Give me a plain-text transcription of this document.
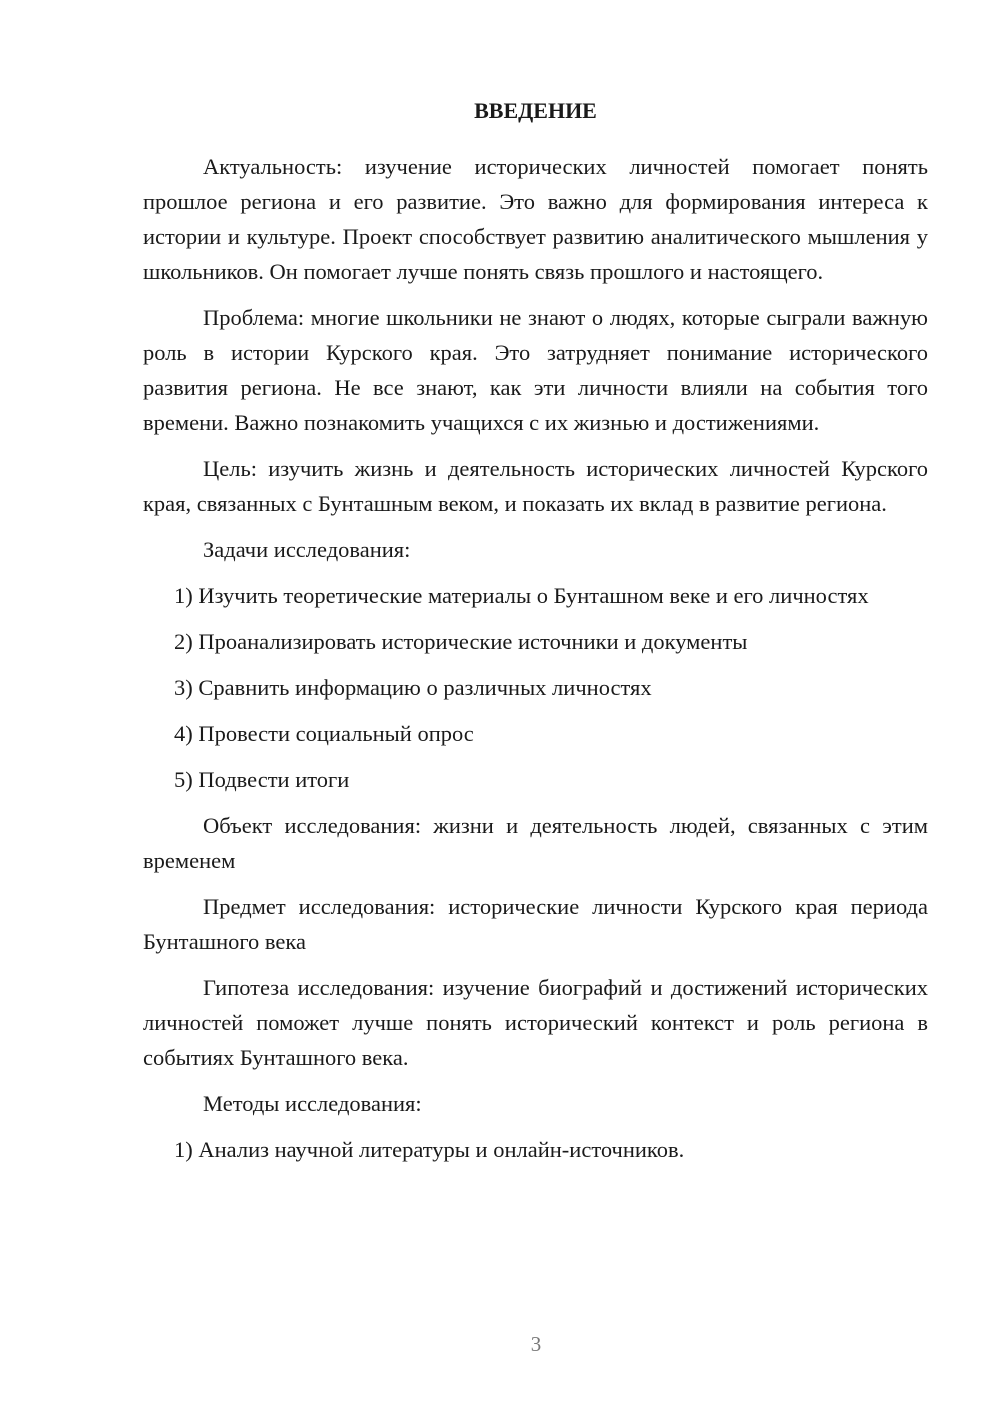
ВВЕДЕНИЕ

Актуальность: изучение исторических личностей помогает понять прошлое региона и его развитие. Это важно для формирования интереса к истории и культуре. Проект способствует развитию аналитического мышления у школьников. Он помогает лучше понять связь прошлого и настоящего.

Проблема: многие школьники не знают о людях, которые сыграли важную роль в истории Курского края. Это затрудняет понимание исторического развития региона. Не все знают, как эти личности влияли на события того времени. Важно познакомить учащихся с их жизнью и достижениями.

Цель: изучить жизнь и деятельность исторических личностей Курского края, связанных с Бунташным веком, и показать их вклад в развитие региона.

Задачи исследования:

1) Изучить теоретические материалы о Бунташном веке и его личностях

2) Проанализировать исторические источники и документы

3) Сравнить информацию о различных личностях

4) Провести социальный опрос

5) Подвести итоги

Объект исследования: жизни и деятельность людей, связанных с этим временем

Предмет исследования: исторические личности Курского края периода Бунташного века

Гипотеза исследования: изучение биографий и достижений исторических личностей поможет лучше понять исторический контекст и роль региона в событиях Бунташного века.

Методы исследования:

1) Анализ научной литературы и онлайн-источников.

3
